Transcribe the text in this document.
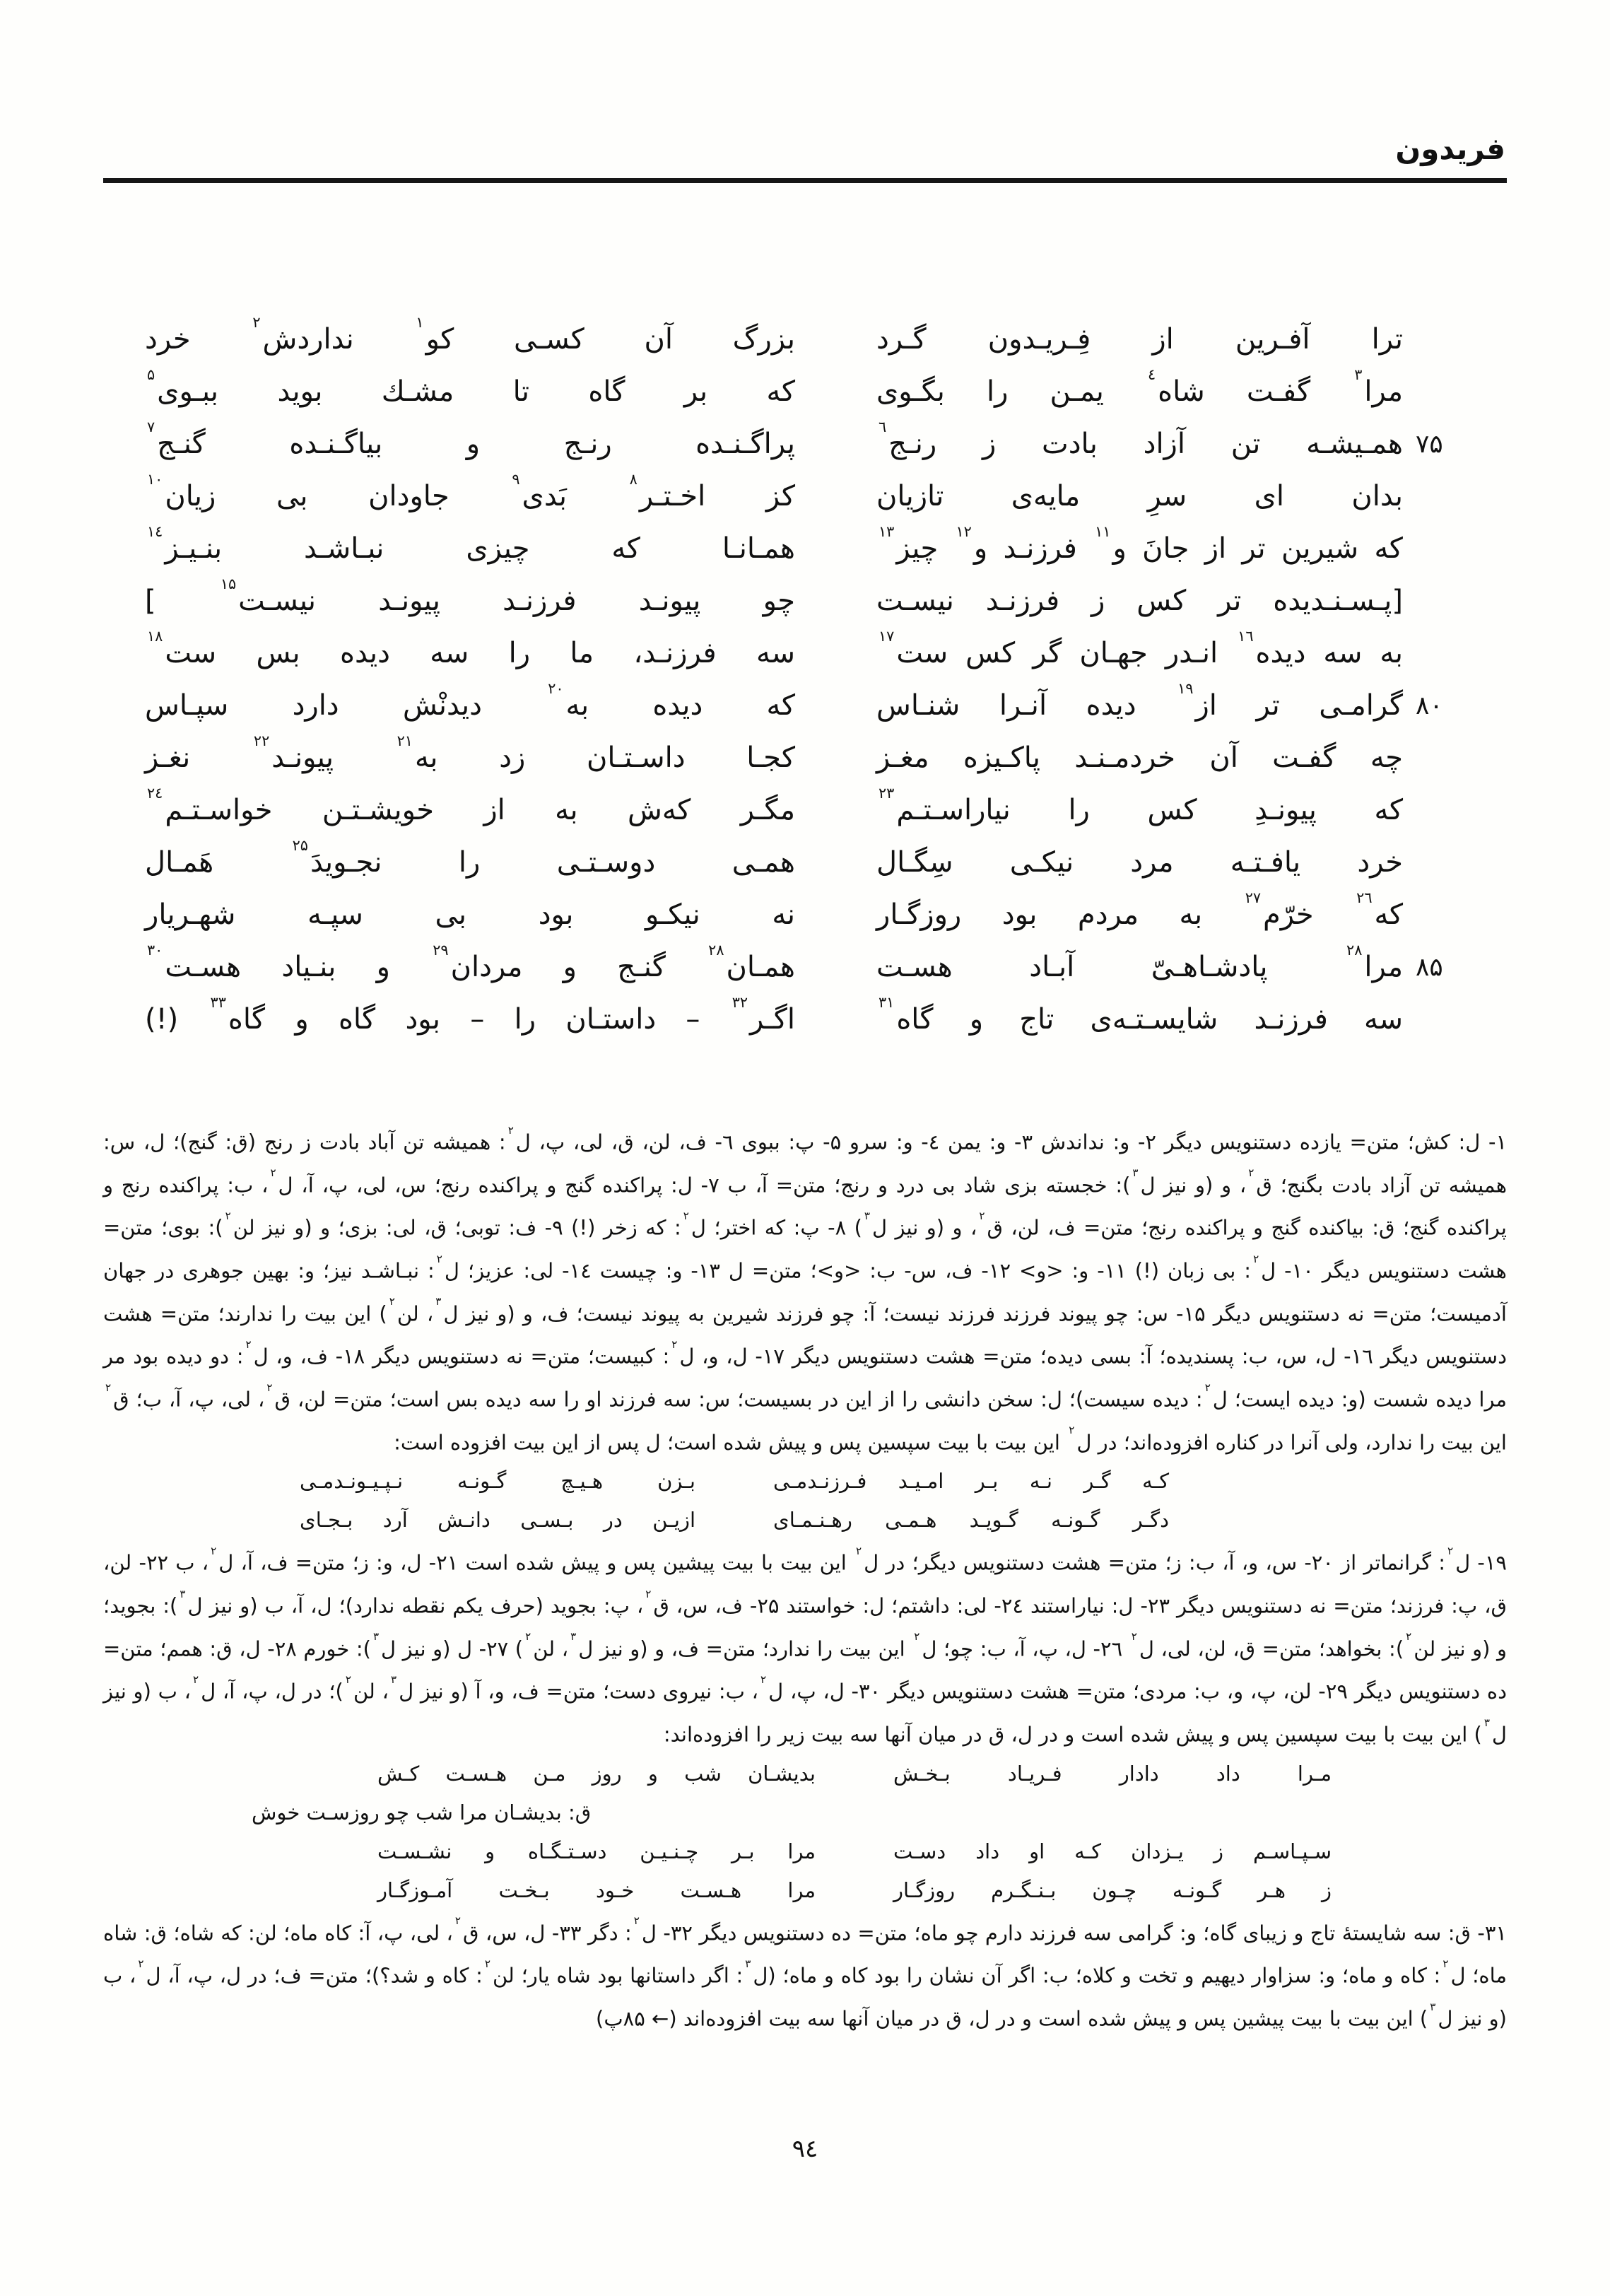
فریدون
ترا آفـرین از فِـریـدون گـرد
بزرگ آن کسـی کو$^۱$ نداردش$^۲$ خرد
مرا$^۳$ گفـت شاه$^٤$ یمـن را بگـوی
که بر گاه تا مشـك بوید ببـوی$^۵$
۷۵
همـیشـه تن آزاد بادت ز رنـج$^٦$
پراگـنـده رنـج و بیاگـنـده گنـج$^۷$
بدان ای سرِ مایه‌ی تازیان
کز اخـتـر$^۸$ بَدی$^۹$ جاودان بی زیان$^{۱۰}$
که شیرین تر از جانَ و$^{۱۱}$ فرزنـد و$^{۱۲}$ چیز$^{۱۳}$
همـانـا که چیزی نبـاشـد بنـیـز$^{۱٤}$
[پـسـنـدیده تر کس ز فرزنـد نیسـت
چو پیونـد فرزنـد پیونـد نیسـت$^{۱۵}$ ]
به سه دیده$^{۱٦}$ انـدر جهـان گر کس ست$^{۱۷}$
سه فرزنـد، ما را سه دیده بس ست$^{۱۸}$
۸۰
گرامـی تر از$^{۱۹}$ دیده آنـرا شنـاس
که دیده به$^{۲۰}$ دیدنْش دارد سپـاس
چه گفـت آن خردمـنـد پاکـیزه مغـز
کجـا داسـتـان زد به$^{۲۱}$ پیونـد$^{۲۲}$ نغـز
که پیونـدِ کس را نیاراسـتـم$^{۲۳}$
مگـر که‌ش به از خویشـتـن خواسـتـم$^{۲٤}$
خرد یافـتـه مرد نیکـی سِگـال
همـی دوسـتـی را نجـویدَ$^{۲۵}$ هَمـال
که$^{۲٦}$ خرّم$^{۲۷}$ به مردم بود روزگـار
نه نیکـو بود بی سپـه شهـریار
۸۵
مرا$^{۲۸}$ پادشـاهـیّ آبـاد هسـت
همـان$^{۲۸}$ گنـج و مردان$^{۲۹}$ و بنـیاد هسـت$^{۳۰}$
سه فرزنـد شایسـتـه‌ی تاج و گاه$^{۳۱}$
اگـر$^{۳۲}$ – داستـان را – بود گاه و گاه$^{۳۳}$ (!)

۱- ل: کش؛ متن= یازده دستنویس دیگر ۲- و: نداندش ۳- و: یمن ٤- و: سرو ۵- پ: ببوی ٦- ف، لن، ق، لی، پ، ل$^۲$: همیشه تن آباد بادت ز رنج (ق: گنج)؛ ل، س: همیشه تن آزاد بادت بگنج؛ ق$^۲$، و (و نیز ل$^۳$): خجسته بزی شاد بی درد و رنج؛ متن= آ، ب ۷- ل: پراکنده گنج و پراکنده رنج؛ س، لی، پ، آ، ل$^۲$، ب: پراکنده رنج و پراکنده گنج؛ ق: بیاکنده گنج و پراکنده رنج؛ متن= ف، لن، ق$^۲$، و (و نیز ل$^۳$) ۸- پ: که اختر؛ ل$^۲$: که زخر (!) ۹- ف: توبی؛ ق، لی: بزی؛ و (و نیز لن$^۲$): بوی؛ متن= هشت دستنویس دیگر ۱۰- ل$^۲$: بی زبان (!) ۱۱- و: <و> ۱۲- ف، س- ب: <و>؛ متن= ل ۱۳- و: چیست ۱٤- لی: عزیز؛ ل$^۲$: نبـاشـد نیز؛ و: بهین جوهری در جهان آدمیست؛ متن= نه دستنویس دیگر ۱۵- س: چو پیوند فرزند فرزند نیست؛ آ: چو فرزند شیرین به پیوند نیست؛ ف، و (و نیز ل$^۳$، لن$^۲$) این بیت را ندارند؛ متن= هشت دستنویس دیگر ۱٦- ل، س، ب: پسندیده؛ آ: بسی دیده؛ متن= هشت دستنویس دیگر ۱۷- ل، و، ل$^۲$: کبیست؛ متن= نه دستنویس دیگر ۱۸- ف، و، ل$^۲$: دو دیده بود مر مرا دیده شست (و: دیده ایست؛ ل$^۲$: دیده سیست)؛ ل: سخن دانشی را از این در بسیست؛ س: سه فرزند او را سه دیده بس است؛ متن= لن، ق$^۲$، لی، پ، آ، ب؛ ق$^۲$ این بیت را ندارد، ولی آنرا در کناره افزوده‌اند؛ در ل$^۲$ این بیت با بیت سپسین پس و پیش شده است؛ ل پس از این بیت افزوده است:

کـه گـر نـه بـر امـیـد فـرزنـدمـی
بـزن هـیـچ گـونـه نـپـیـونـدمـی
دگـر گـونـه گـویـد هـمـی رهـنـمـای
ازیـن در بـسـی دانـش آرد بـجـای

۱۹- ل$^۲$: گرانماتر از ۲۰- س، و، آ، ب: ز؛ متن= هشت دستنویس دیگر؛ در ل$^۲$ این بیت با بیت پیشین پس و پیش شده است ۲۱- ل، و: ز؛ متن= ف، آ، ل$^۲$، ب ۲۲- لن، ق، پ: فرزند؛ متن= نه دستنویس دیگر ۲۳- ل: نیاراستند ۲٤- لی: داشتم؛ ل: خواستند ۲۵- ف، س، ق$^۲$، پ: بجوید (حرف یکم نقطه ندارد)؛ ل، آ، ب (و نیز ل$^۳$): بجوید؛ و (و نیز لن$^۲$): بخواهد؛ متن= ق، لن، لی، ل$^۲$ ۲٦- ل، پ، آ، ب: چو؛ ل$^۲$ این بیت را ندارد؛ متن= ف، و (و نیز ل$^۳$، لن$^۲$) ۲۷- ل (و نیز ل$^۳$): خورم ۲۸- ل، ق: همم؛ متن= ده دستنویس دیگر ۲۹- لن، پ، و، ب: مردی؛ متن= هشت دستنویس دیگر ۳۰- ل، پ، ل$^۲$، ب: نیروی دست؛ متن= ف، و، آ (و نیز ل$^۳$، لن$^۲$)؛ در ل، پ، آ، ل$^۲$، ب (و نیز ل$^۳$) این بیت با بیت سپسین پس و پیش شده است و در ل، ق در میان آنها سه بیت زیر را افزوده‌اند:

مـرا داد دادار فـریـاد بـخـش
بدیشـان شب و روز مـن هـسـت کـش
ق: بدیشـان مرا شب چو روزسـت خوش
سـپـاسـم ز یـزدان کـه او داد دسـت
مرا بـر چـنـیـن دسـتـگـاه و نشـسـت
ز هـر گـونـه چـون بـنـگـرم روزگـار
مرا هـسـت خـود بـخـت آمـوزگـار

۳۱- ق: سه شایستهٔ تاج و زیبای گاه؛ و: گرامی سه فرزند دارم چو ماه؛ متن= ده دستنویس دیگر ۳۲- ل$^۲$: دگر ۳۳- ل، س، ق$^۲$، لی، پ، آ: کاه ماه؛ لن: که شاه؛ ق: شاه ماه؛ ل$^۲$: کاه و ماه؛ و: سزاوار دیهیم و تخت و کلاه؛ ب: اگر آن نشان را بود کاه و ماه؛ (ل$^۳$: اگر داستانها بود شاه یار؛ لن$^۲$: کاه و شد؟)؛ متن= ف؛ در ل، پ، آ، ل$^۲$، ب (و نیز ل$^۳$) این بیت با بیت پیشین پس و پیش شده است و در ل، ق در میان آنها سه بیت افزوده‌اند (← ۸۵پ)

٩٤
